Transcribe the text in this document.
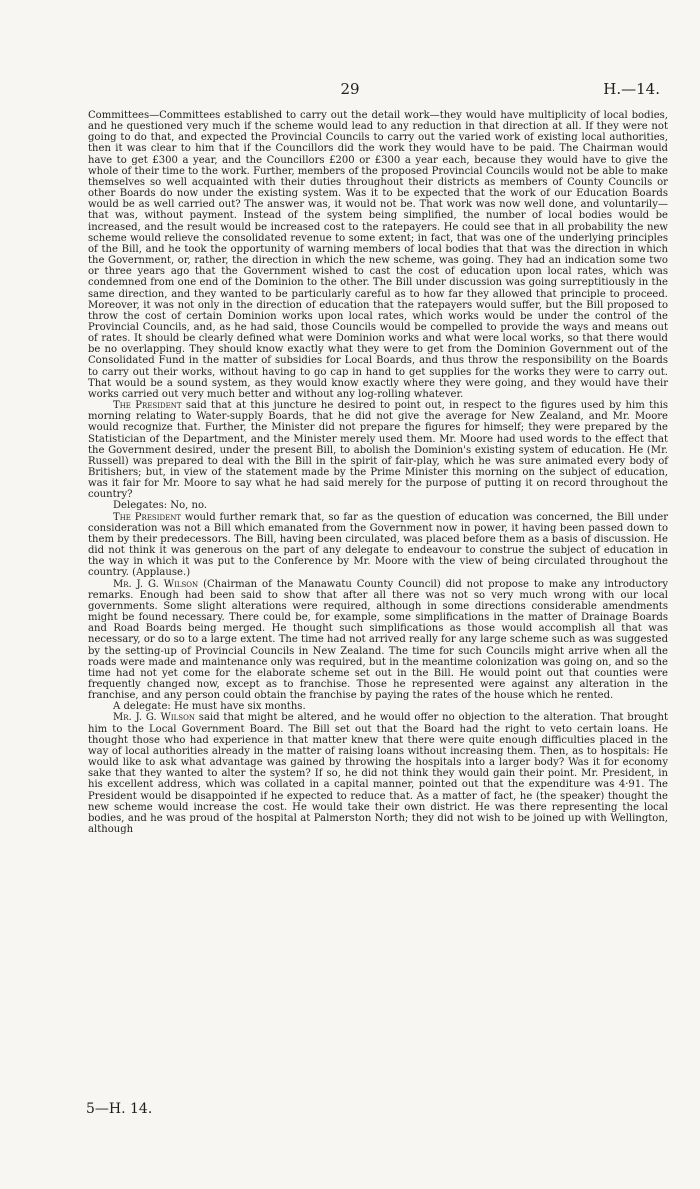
29	H.—14.

Committees—Committees established to carry out the detail work—they would have multiplicity of local bodies, and he questioned very much if the scheme would lead to any reduction in that direction at all. If they were not going to do that, and expected the Provincial Councils to carry out the varied work of existing local authorities, then it was clear to him that if the Councillors did the work they would have to be paid. The Chairman would have to get £300 a year, and the Councillors £200 or £300 a year each, because they would have to give the whole of their time to the work. Further, members of the proposed Provincial Councils would not be able to make themselves so well acquainted with their duties throughout their districts as members of County Councils or other Boards do now under the existing system. Was it to be expected that the work of our Education Boards would be as well carried out? The answer was, it would not be. That work was now well done, and voluntarily—that was, without payment. Instead of the system being simplified, the number of local bodies would be increased, and the result would be increased cost to the ratepayers. He could see that in all probability the new scheme would relieve the consolidated revenue to some extent; in fact, that was one of the underlying principles of the Bill, and he took the opportunity of warning members of local bodies that that was the direction in which the Government, or, rather, the direction in which the new scheme, was going. They had an indication some two or three years ago that the Government wished to cast the cost of education upon local rates, which was condemned from one end of the Dominion to the other. The Bill under discussion was going surreptitiously in the same direction, and they wanted to be particularly careful as to how far they allowed that principle to proceed. Moreover, it was not only in the direction of education that the ratepayers would suffer, but the Bill proposed to throw the cost of certain Dominion works upon local rates, which works would be under the control of the Provincial Councils, and, as he had said, those Councils would be compelled to provide the ways and means out of rates. It should be clearly defined what were Dominion works and what were local works, so that there would be no overlapping. They should know exactly what they were to get from the Dominion Government out of the Consolidated Fund in the matter of subsidies for Local Boards, and thus throw the responsibility on the Boards to carry out their works, without having to go cap in hand to get supplies for the works they were to carry out. That would be a sound system, as they would know exactly where they were going, and they would have their works carried out very much better and without any log-rolling whatever.

The President said that at this juncture he desired to point out, in respect to the figures used by him this morning relating to Water-supply Boards, that he did not give the average for New Zealand, and Mr. Moore would recognize that. Further, the Minister did not prepare the figures for himself; they were prepared by the Statistician of the Department, and the Minister merely used them. Mr. Moore had used words to the effect that the Government desired, under the present Bill, to abolish the Dominion's existing system of education. He (Mr. Russell) was prepared to deal with the Bill in the spirit of fair-play, which he was sure animated every body of Britishers; but, in view of the statement made by the Prime Minister this morning on the subject of education, was it fair for Mr. Moore to say what he had said merely for the purpose of putting it on record throughout the country?

Delegates: No, no.

The President would further remark that, so far as the question of education was concerned, the Bill under consideration was not a Bill which emanated from the Government now in power, it having been passed down to them by their predecessors. The Bill, having been circulated, was placed before them as a basis of discussion. He did not think it was generous on the part of any delegate to endeavour to construe the subject of education in the way in which it was put to the Conference by Mr. Moore with the view of being circulated throughout the country. (Applause.)

Mr. J. G. Wilson (Chairman of the Manawatu County Council) did not propose to make any introductory remarks. Enough had been said to show that after all there was not so very much wrong with our local governments. Some slight alterations were required, although in some directions considerable amendments might be found necessary. There could be, for example, some simplifications in the matter of Drainage Boards and Road Boards being merged. He thought such simplifications as those would accomplish all that was necessary, or do so to a large extent. The time had not arrived really for any large scheme such as was suggested by the setting-up of Provincial Councils in New Zealand. The time for such Councils might arrive when all the roads were made and maintenance only was required, but in the meantime colonization was going on, and so the time had not yet come for the elaborate scheme set out in the Bill. He would point out that counties were frequently changed now, except as to franchise. Those he represented were against any alteration in the franchise, and any person could obtain the franchise by paying the rates of the house which he rented.

A delegate: He must have six months.

Mr. J. G. Wilson said that might be altered, and he would offer no objection to the alteration. That brought him to the Local Government Board. The Bill set out that the Board had the right to veto certain loans. He thought those who had experience in that matter knew that there were quite enough difficulties placed in the way of local authorities already in the matter of raising loans without increasing them. Then, as to hospitals: He would like to ask what advantage was gained by throwing the hospitals into a larger body? Was it for economy sake that they wanted to alter the system? If so, he did not think they would gain their point. Mr. President, in his excellent address, which was collated in a capital manner, pointed out that the expenditure was 4·91. The President would be disappointed if he expected to reduce that. As a matter of fact, he (the speaker) thought the new scheme would increase the cost. He would take their own district. He was there representing the local bodies, and he was proud of the hospital at Palmerston North; they did not wish to be joined up with Wellington, although

5—H. 14.
